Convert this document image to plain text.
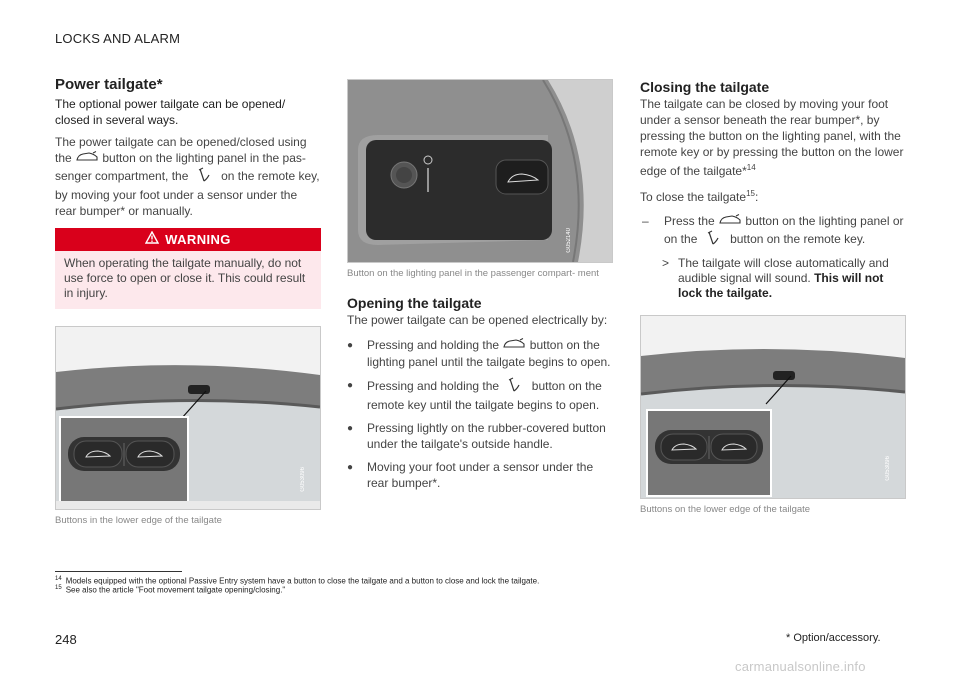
LOCKS AND ALARM
Power tailgate*

The optional power tailgate can be opened/ closed in several ways.

The power tailgate can be opened/closed using the	button on the lighting panel in the pas- senger compartment, the	on the remote key, by moving your foot under a sensor under the rear bumper* or manually.

WARNING
When operating the tailgate manually, do not use force to open or close it. This could result in injury.
G053096
Buttons in the lower edge of the tailgate
G052140
Button on the lighting panel in the passenger compart- ment
Opening the tailgate

The power tailgate can be opened electrically by:

●	Pressing and holding the	button on the lighting panel until the tailgate begins to open.
●	Pressing and holding the	button on the remote key until the tailgate begins to open.
●	Pressing lightly on the rubber-covered button under the tailgate's outside handle.
●	Moving your foot under a sensor under the rear bumper*.
Closing the tailgate

The tailgate can be closed by moving your foot under a sensor beneath the rear bumper*, by pressing the button on the lighting panel, with the remote key or by pressing the button on the lower edge of the tailgate*$^{14}$

To close the tailgate$^{15}$:

–	Press the	button on the lighting panel or on the	button on the remote key.
> The tailgate will close automatically and audible signal will sound. This will not lock the tailgate.
G053096
Buttons on the lower edge of the tailgate
$^{14}$ Models equipped with the optional Passive Entry system have a button to close the tailgate and a button to close and lock the tailgate.
$^{15}$ See also the article "Foot movement tailgate opening/closing."
248	* Option/accessory.
carmanualsonline.info
